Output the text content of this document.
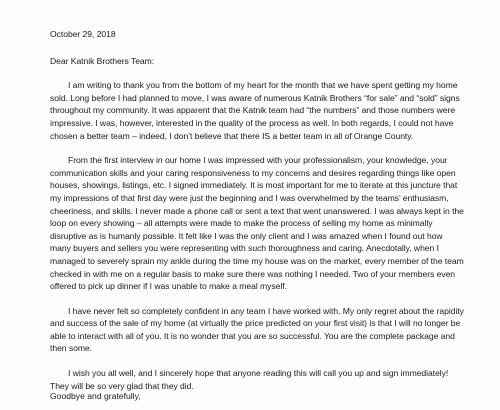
October 29, 2018

Dear Katnik Brothers Team:

I am writing to thank you from the bottom of my heart for the month that we have spent getting my home sold. Long before I had planned to move, I was aware of numerous Katnik Brothers “for sale” and “sold” signs throughout my community. It was apparent that the Katnik team had “the numbers” and those numbers were impressive. I was, however, interested in the quality of the process as well. In both regards, I could not have chosen a better team – indeed, I don’t believe that there IS a better team in all of Orange County.

From the first interview in our home I was impressed with your professionalism, your knowledge, your communication skills and your caring responsiveness to my concerns and desires regarding things like open houses, showings, listings, etc. I signed immediately. It is most important for me to iterate at this juncture that my impressions of that first day were just the beginning and I was overwhelmed by the teams’ enthusiasm, cheeriness, and skills. I never made a phone call or sent a text that went unanswered. I was always kept in the loop on every showing – all attempts were made to make the process of selling my home as minimally disruptive as is humanly possible. It felt like I was the only client and I was amazed when I found out how many buyers and sellers you were representing with such thoroughness and caring. Anecdotally, when I managed to severely sprain my ankle during the time my house was on the market, every member of the team checked in with me on a regular basis to make sure there was nothing I needed. Two of your members even offered to pick up dinner if I was unable to make a meal myself.

I have never felt so completely confident in any team I have worked with. My only regret about the rapidity and success of the sale of my home (at virtually the price predicted on your first visit) is that I will no longer be able to interact with all of you. It is no wonder that you are so successful. You are the complete package and then some.

I wish you all well, and I sincerely hope that anyone reading this will call you up and sign immediately! They will be so very glad that they did.

Goodbye and gratefully,
